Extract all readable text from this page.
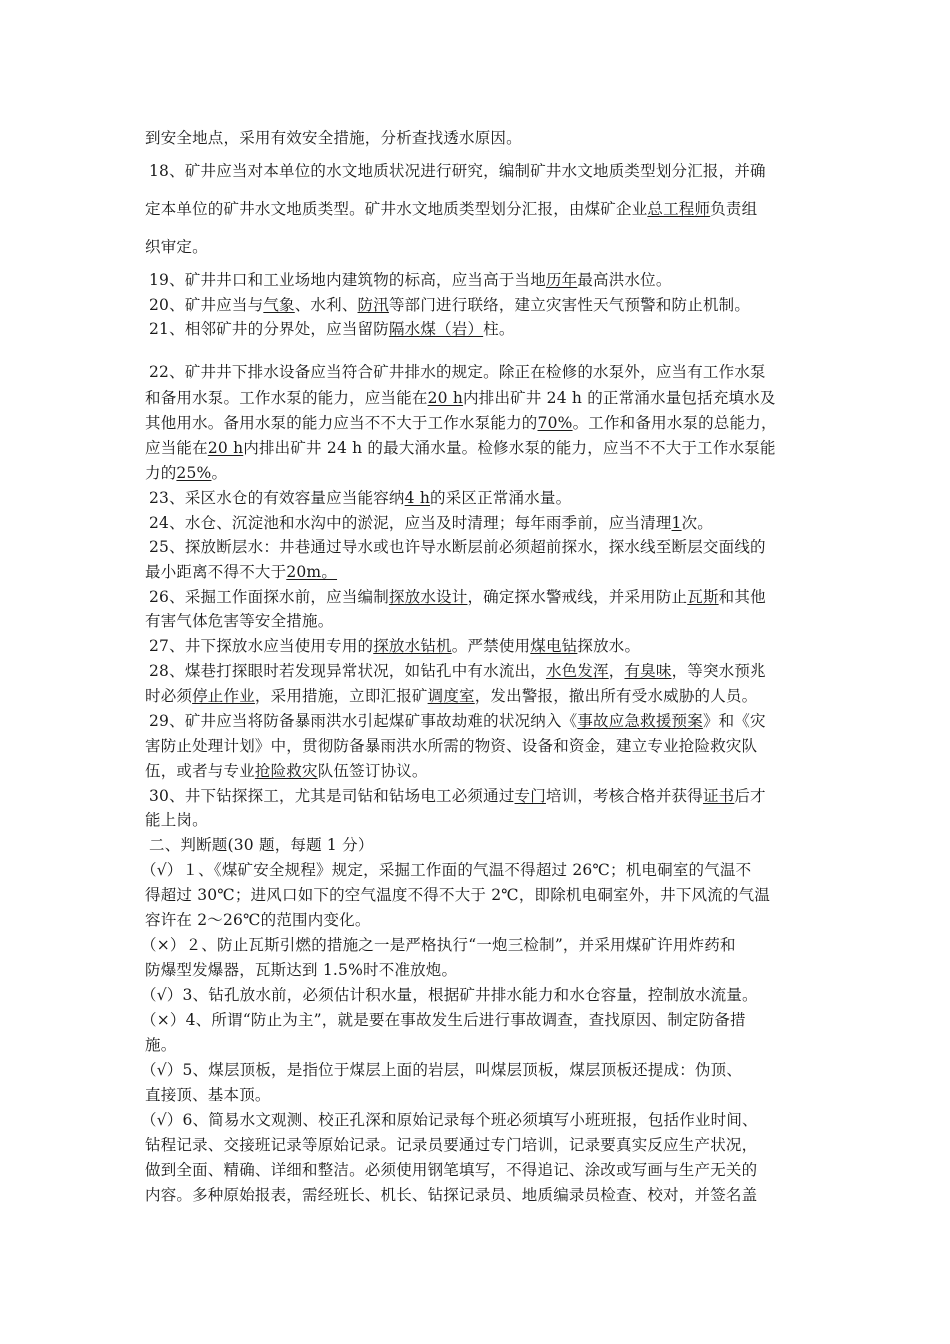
到安全地点，采用有效安全措施，分析查找透水原因。
18、矿井应当对本单位的水文地质状况进行研究，编制矿井水文地质类型划分汇报，并确
定本单位的矿井水文地质类型。矿井水文地质类型划分汇报，由煤矿企业总工程师负责组
织审定。
19、矿井井口和工业场地内建筑物的标高，应当高于当地历年最高洪水位。
20、矿井应当与气象、水利、防汛等部门进行联络，建立灾害性天气预警和防止机制。
21、相邻矿井的分界处，应当留防隔水煤（岩）柱。
22、矿井井下排水设备应当符合矿井排水的规定。除正在检修的水泵外，应当有工作水泵
和备用水泵。工作水泵的能力，应当能在20 h内排出矿井 24 h 的正常涌水量包括充填水及
其他用水。备用水泵的能力应当不不大于工作水泵能力的70%。工作和备用水泵的总能力，
应当能在20 h内排出矿井 24 h 的最大涌水量。检修水泵的能力，应当不不大于工作水泵能
力的25%。
23、采区水仓的有效容量应当能容纳4 h的采区正常涌水量。
24、水仓、沉淀池和水沟中的淤泥，应当及时清理；每年雨季前，应当清理1次。
25、探放断层水：井巷通过导水或也许导水断层前必须超前探水，探水线至断层交面线的
最小距离不得不大于20m。
26、采掘工作面探水前，应当编制探放水设计，确定探水警戒线，并采用防止瓦斯和其他
有害气体危害等安全措施。
27、井下探放水应当使用专用的探放水钻机。严禁使用煤电钻探放水。
28、煤巷打探眼时若发现异常状况，如钻孔中有水流出，水色发浑，有臭味，等突水预兆
时必须停止作业，采用措施，立即汇报矿调度室，发出警报，撤出所有受水威胁的人员。
29、矿井应当将防备暴雨洪水引起煤矿事故劫难的状况纳入《事故应急救援预案》和《灾
害防止处理计划》中，贯彻防备暴雨洪水所需的物资、设备和资金，建立专业抢险救灾队
伍，或者与专业抢险救灾队伍签订协议。
30、井下钻探探工，尤其是司钻和钻场电工必须通过专门培训，考核合格并获得证书后才
能上岗。
二、判断题(30 题，每题 1 分）
（√）１、《煤矿安全规程》规定，采掘工作面的气温不得超过 26℃；机电硐室的气温不
得超过 30℃；进风口如下的空气温度不得不大于 2℃，即除机电硐室外，井下风流的气温
容许在 2～26℃的范围内变化。
（×）２、防止瓦斯引燃的措施之一是严格执行“一炮三检制”，并采用煤矿许用炸药和
防爆型发爆器，瓦斯达到 1.5%时不准放炮。
（√）3、钻孔放水前，必须估计积水量，根据矿井排水能力和水仓容量，控制放水流量。
（×）4、所谓“防止为主”，就是要在事故发生后进行事故调查，查找原因、制定防备措
施。
（√）5、煤层顶板，是指位于煤层上面的岩层，叫煤层顶板，煤层顶板还提成：伪顶、
直接顶、基本顶。
（√）6、简易水文观测、校正孔深和原始记录每个班必须填写小班班报，包括作业时间、
钻程记录、交接班记录等原始记录。记录员要通过专门培训，记录要真实反应生产状况，
做到全面、精确、详细和整洁。必须使用钢笔填写，不得追记、涂改或写画与生产无关的
内容。多种原始报表，需经班长、机长、钻探记录员、地质编录员检查、校对，并签名盖
